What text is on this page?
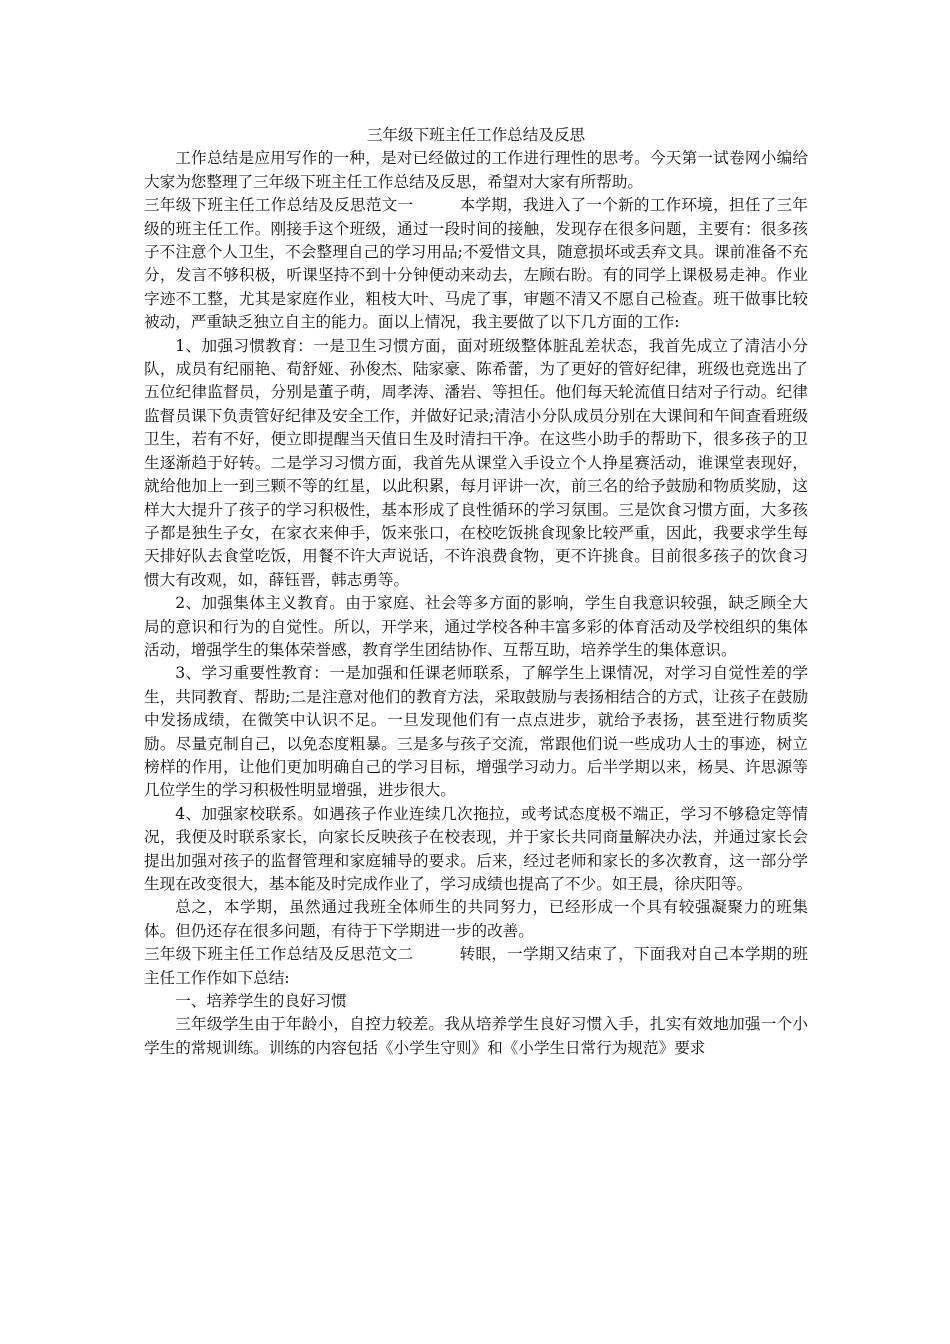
三年级下班主任工作总结及反思

工作总结是应用写作的一种，是对已经做过的工作进行理性的思考。今天第一试卷网小编给大家为您整理了三年级下班主任工作总结及反思，希望对大家有所帮助。

三年级下班主任工作总结及反思范文一	本学期，我进入了一个新的工作环境，担任了三年级的班主任工作。刚接手这个班级，通过一段时间的接触，发现存在很多问题，主要有：很多孩子不注意个人卫生，不会整理自己的学习用品;不爱惜文具，随意损坏或丢弃文具。课前准备不充分，发言不够积极，听课坚持不到十分钟便动来动去，左顾右盼。有的同学上课极易走神。作业字迹不工整，尤其是家庭作业，粗枝大叶、马虎了事，审题不清又不愿自己检查。班干做事比较被动，严重缺乏独立自主的能力。面以上情况，我主要做了以下几方面的工作:

1、加强习惯教育：一是卫生习惯方面，面对班级整体脏乱差状态，我首先成立了清洁小分队，成员有纪丽艳、荀舒娅、孙俊杰、陆家豪、陈希蕾，为了更好的管好纪律，班级也竞选出了五位纪律监督员，分别是董子萌，周孝涛、潘岩、等担任。他们每天轮流值日结对子行动。纪律监督员课下负责管好纪律及安全工作，并做好记录;清洁小分队成员分别在大课间和午间查看班级卫生，若有不好，便立即提醒当天值日生及时清扫干净。在这些小助手的帮助下，很多孩子的卫生逐渐趋于好转。二是学习习惯方面，我首先从课堂入手设立个人挣星赛活动，谁课堂表现好，就给他加上一到三颗不等的红星，以此积累，每月评讲一次，前三名的给予鼓励和物质奖励，这样大大提升了孩子的学习积极性，基本形成了良性循环的学习氛围。三是饮食习惯方面，大多孩子都是独生子女，在家衣来伸手，饭来张口，在校吃饭挑食现象比较严重，因此，我要求学生每天排好队去食堂吃饭，用餐不许大声说话，不许浪费食物，更不许挑食。目前很多孩子的饮食习惯大有改观，如，薛钰晋，韩志勇等。

2、加强集体主义教育。由于家庭、社会等多方面的影响，学生自我意识较强，缺乏顾全大局的意识和行为的自觉性。所以，开学来，通过学校各种丰富多彩的体育活动及学校组织的集体活动，增强学生的集体荣誉感，教育学生团结协作、互帮互助，培养学生的集体意识。

3、学习重要性教育：一是加强和任课老师联系，了解学生上课情况，对学习自觉性差的学生，共同教育、帮助;二是注意对他们的教育方法，采取鼓励与表扬相结合的方式，让孩子在鼓励中发扬成绩，在微笑中认识不足。一旦发现他们有一点点进步，就给予表扬，甚至进行物质奖励。尽量克制自己，以免态度粗暴。三是多与孩子交流，常跟他们说一些成功人士的事迹，树立榜样的作用，让他们更加明确自己的学习目标，增强学习动力。后半学期以来，杨昊、许思源等几位学生的学习积极性明显增强，进步很大。

4、加强家校联系。如遇孩子作业连续几次拖拉，或考试态度极不端正，学习不够稳定等情况，我便及时联系家长，向家长反映孩子在校表现，并于家长共同商量解决办法，并通过家长会提出加强对孩子的监督管理和家庭辅导的要求。后来，经过老师和家长的多次教育，这一部分学生现在改变很大，基本能及时完成作业了，学习成绩也提高了不少。如王晨，徐庆阳等。

总之，本学期，虽然通过我班全体师生的共同努力，已经形成一个具有较强凝聚力的班集体。但仍还存在很多问题，有待于下学期进一步的改善。

三年级下班主任工作总结及反思范文二	转眼，一学期又结束了，下面我对自己本学期的班主任工作作如下总结:

一、培养学生的良好习惯

三年级学生由于年龄小，自控力较差。我从培养学生良好习惯入手，扎实有效地加强一个小学生的常规训练。训练的内容包括《小学生守则》和《小学生日常行为规范》要求
